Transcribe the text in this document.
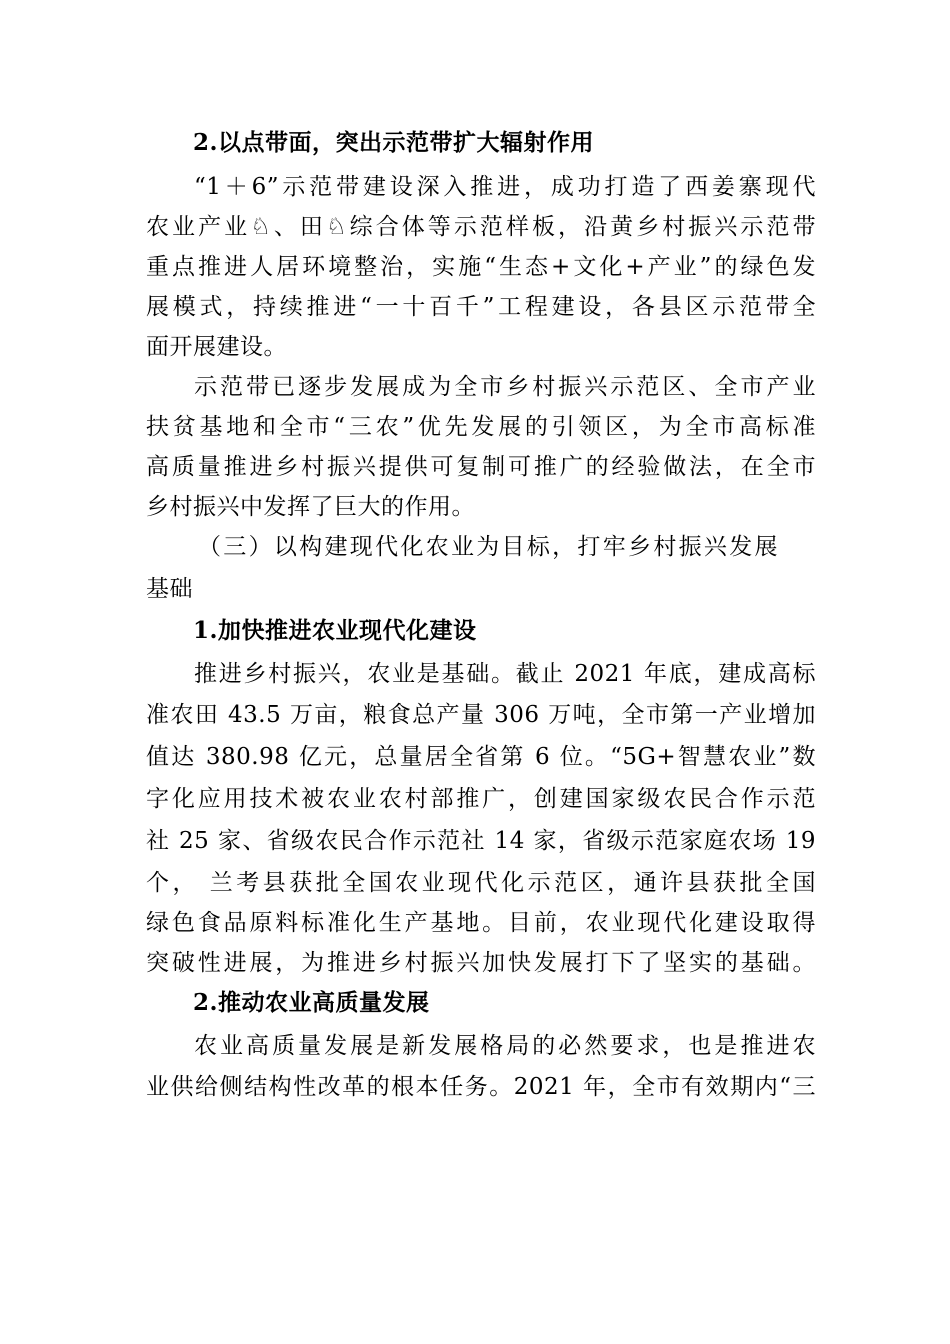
2.以点带面，突出示范带扩大辐射作用
“1＋6”示范带建设深入推进，成功打造了西姜寨现代
农业产业♘、田♘综合体等示范样板，沿黄乡村振兴示范带
重点推进人居环境整治，实施“生态+文化+产业”的绿色发
展模式，持续推进“一十百千”工程建设，各县区示范带全
面开展建设。
示范带已逐步发展成为全市乡村振兴示范区、全市产业
扶贫基地和全市“三农”优先发展的引领区，为全市高标准
高质量推进乡村振兴提供可复制可推广的经验做法，在全市
乡村振兴中发挥了巨大的作用。
（三）以构建现代化农业为目标，打牢乡村振兴发展
基础
1.加快推进农业现代化建设
推进乡村振兴，农业是基础。截止 2021 年底，建成高标
准农田 43.5 万亩，粮食总产量 306 万吨，全市第一产业增加
值达 380.98 亿元，总量居全省第 6 位。“5G+智慧农业”数
字化应用技术被农业农村部推广，创建国家级农民合作示范
社 25 家、省级农民合作示范社 14 家，省级示范家庭农场 19
个， 兰考县获批全国农业现代化示范区，通许县获批全国
绿色食品原料标准化生产基地。目前，农业现代化建设取得
突破性进展，为推进乡村振兴加快发展打下了坚实的基础。
2.推动农业高质量发展
农业高质量发展是新发展格局的必然要求，也是推进农
业供给侧结构性改革的根本任务。2021 年，全市有效期内“三
